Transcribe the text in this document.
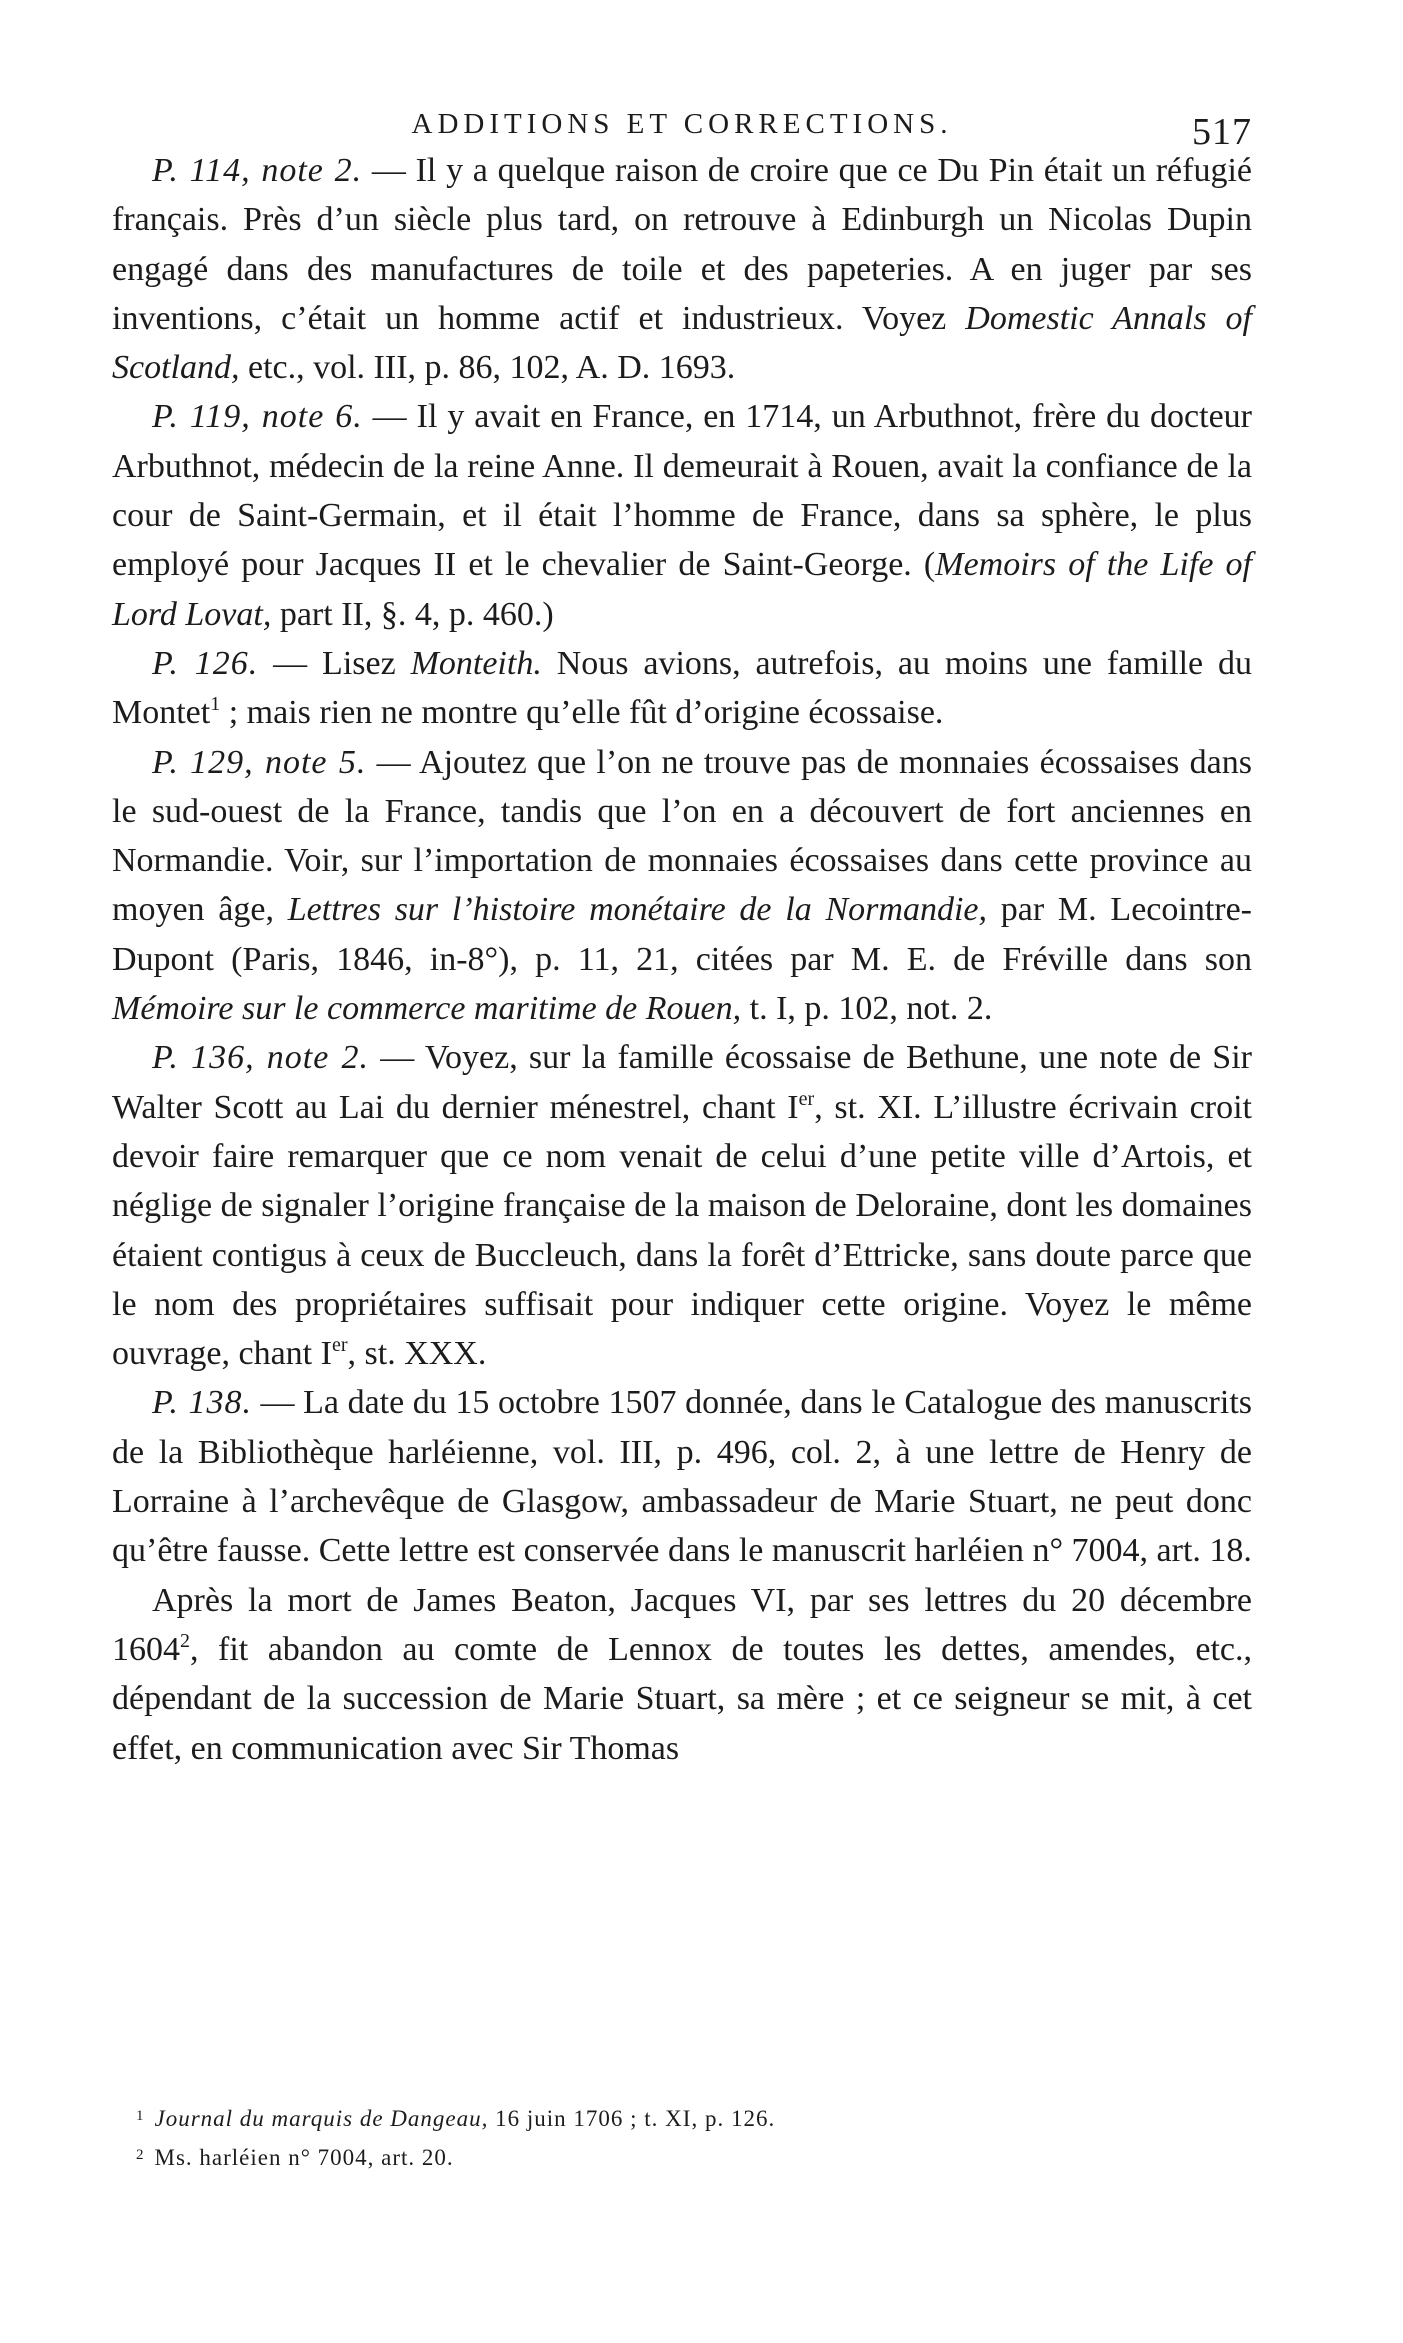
ADDITIONS ET CORRECTIONS.	517

P. 114, note 2. — Il y a quelque raison de croire que ce Du Pin était un réfugié français. Près d’un siècle plus tard, on retrouve à Edinburgh un Nicolas Dupin engagé dans des manufactures de toile et des papeteries. A en juger par ses inventions, c’était un homme actif et industrieux. Voyez Domestic Annals of Scotland, etc., vol. III, p. 86, 102, A. D. 1693.

P. 119, note 6. — Il y avait en France, en 1714, un Arbuthnot, frère du docteur Arbuthnot, médecin de la reine Anne. Il demeurait à Rouen, avait la confiance de la cour de Saint-Germain, et il était l’homme de France, dans sa sphère, le plus employé pour Jacques II et le chevalier de Saint-George. (Memoirs of the Life of Lord Lovat, part II, §. 4, p. 460.)

P. 126. — Lisez Monteith. Nous avions, autrefois, au moins une famille du Montet$^1$ ; mais rien ne montre qu’elle fût d’origine écossaise.

P. 129, note 5. — Ajoutez que l’on ne trouve pas de monnaies écossaises dans le sud-ouest de la France, tandis que l’on en a découvert de fort anciennes en Normandie. Voir, sur l’importation de monnaies écossaises dans cette province au moyen âge, Lettres sur l’histoire monétaire de la Normandie, par M. Lecointre-Dupont (Paris, 1846, in-8°), p. 11, 21, citées par M. E. de Fréville dans son Mémoire sur le commerce maritime de Rouen, t. I, p. 102, not. 2.

P. 136, note 2. — Voyez, sur la famille écossaise de Bethune, une note de Sir Walter Scott au Lai du dernier ménestrel, chant Ier, st. XI. L’illustre écrivain croit devoir faire remarquer que ce nom venait de celui d’une petite ville d’Artois, et néglige de signaler l’origine française de la maison de Deloraine, dont les domaines étaient contigus à ceux de Buccleuch, dans la forêt d’Ettricke, sans doute parce que le nom des propriétaires suffisait pour indiquer cette origine. Voyez le même ouvrage, chant Ier, st. XXX.

P. 138. — La date du 15 octobre 1507 donnée, dans le Catalogue des manuscrits de la Bibliothèque harléienne, vol. III, p. 496, col. 2, à une lettre de Henry de Lorraine à l’archevêque de Glasgow, ambassadeur de Marie Stuart, ne peut donc qu’être fausse. Cette lettre est conservée dans le manuscrit harléien n° 7004, art. 18.

Après la mort de James Beaton, Jacques VI, par ses lettres du 20 décembre 1604$^2$, fit abandon au comte de Lennox de toutes les dettes, amendes, etc., dépendant de la succession de Marie Stuart, sa mère ; et ce seigneur se mit, à cet effet, en communication avec Sir Thomas

$^1$ Journal du marquis de Dangeau, 16 juin 1706 ; t. XI, p. 126.

$^2$ Ms. harléien n° 7004, art. 20.
